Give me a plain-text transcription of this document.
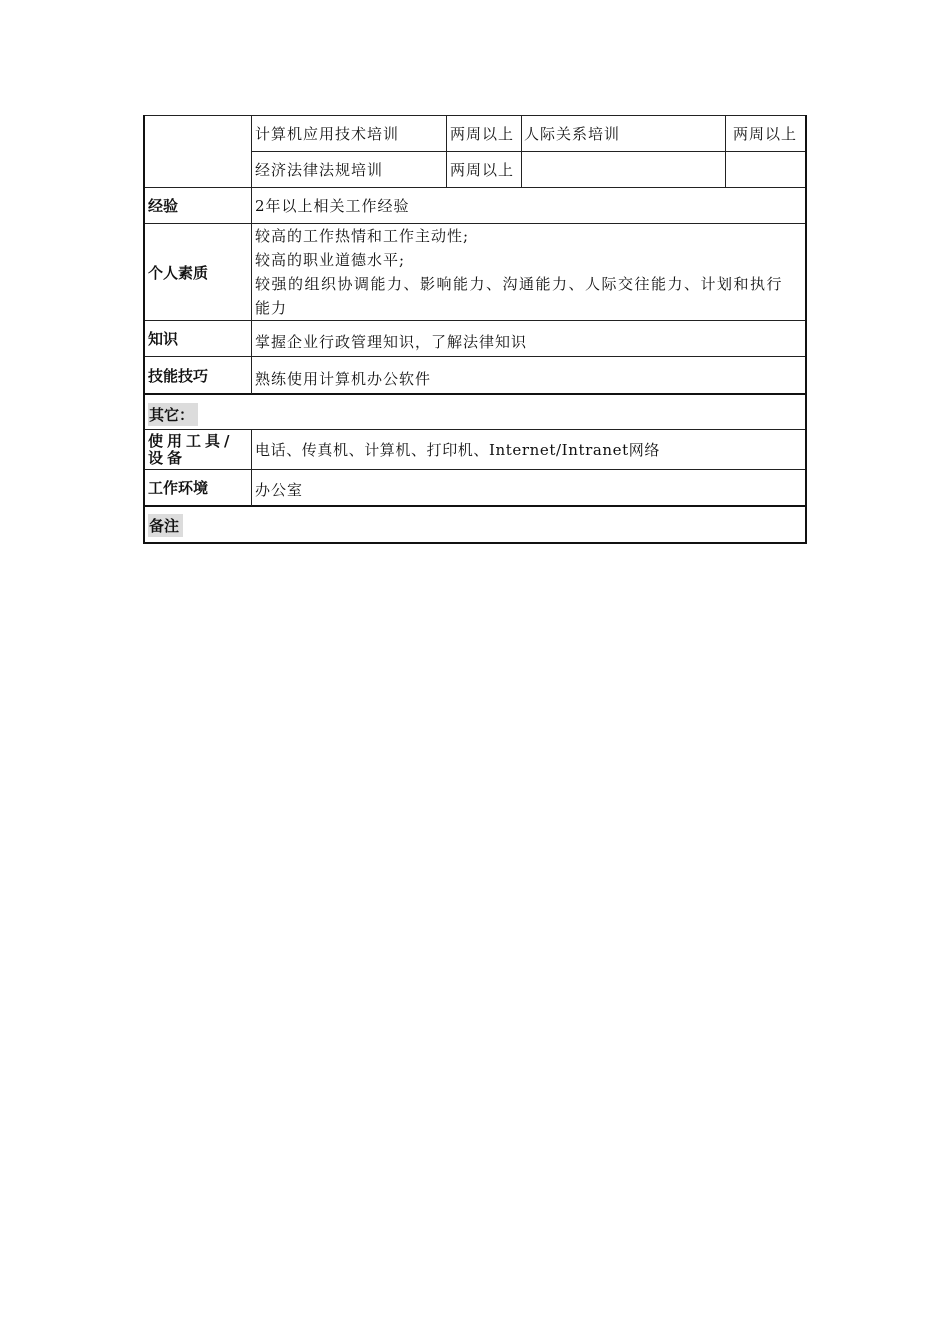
计算机应用技术培训	两周以上 人际关系培训	两周以上
经济法律法规培训	两周以上
经验	2年以上相关工作经验
个人素质
较高的工作热情和工作主动性;
较高的职业道德水平;
较强的组织协调能力、影响能力、沟通能力、人际交往能力、计划和执行
能力
知识	掌握企业行政管理知识，了解法律知识
技能技巧	熟练使用计算机办公软件
其它：
使用工具/设备	电话、传真机、计算机、打印机、Internet/Intranet网络
工作环境	办公室
备注
